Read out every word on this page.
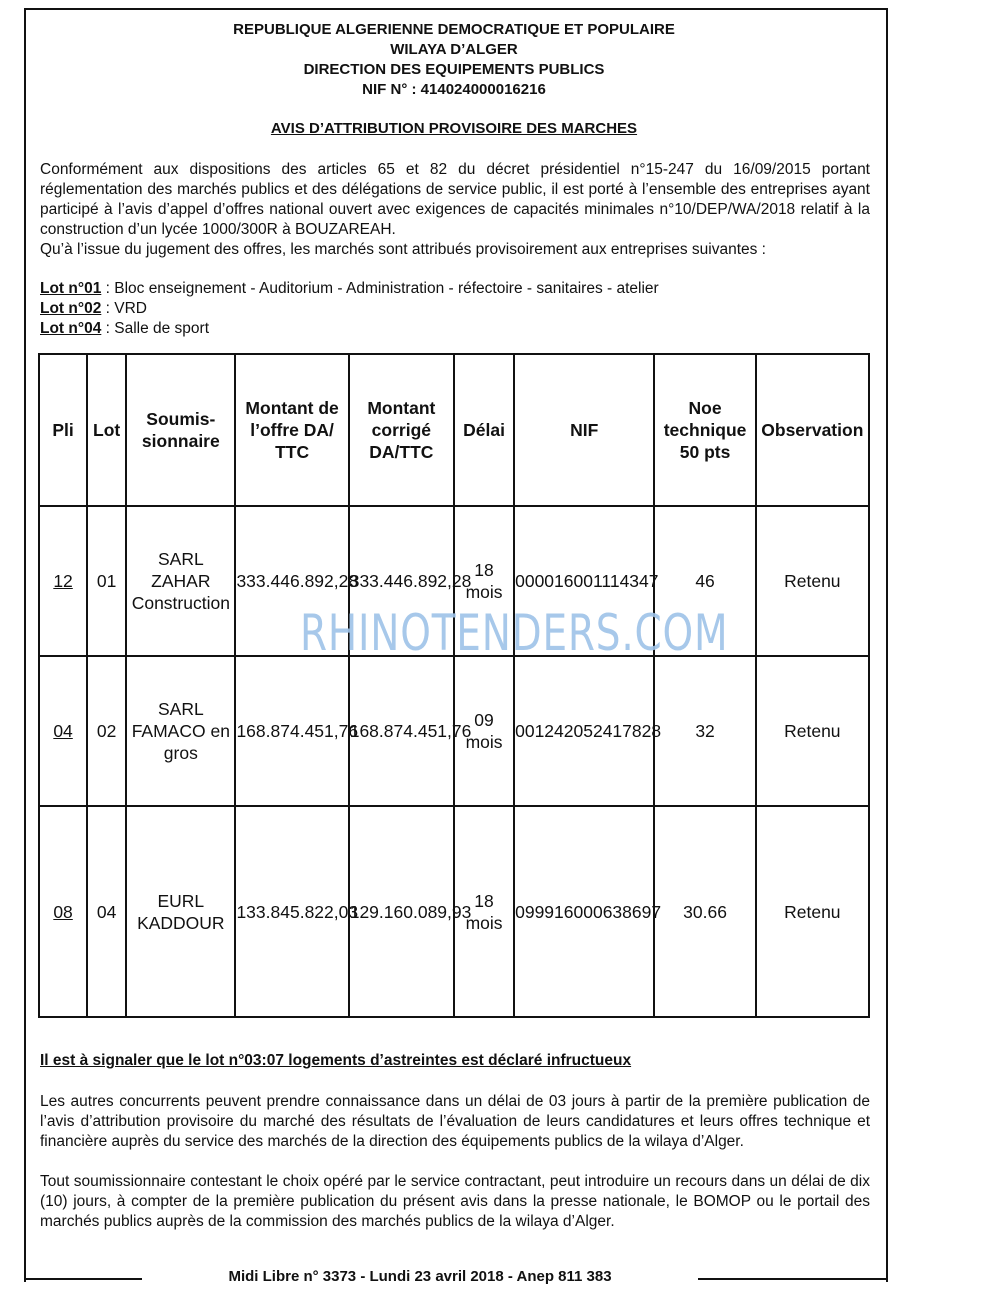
REPUBLIQUE ALGERIENNE DEMOCRATIQUE ET POPULAIRE
WILAYA D’ALGER
DIRECTION DES EQUIPEMENTS PUBLICS
NIF N° : 414024000016216
AVIS D’ATTRIBUTION PROVISOIRE DES MARCHES

Conformément aux dispositions des articles 65 et 82 du décret présidentiel n°15-247 du 16/09/2015 portant réglementation des marchés publics et des délégations de service public, il est porté à l’ensemble des entreprises ayant participé à l’avis d’appel d’offres national ouvert avec exigences de capacités minimales n°10/DEP/WA/2018 relatif à la construction d’un lycée 1000/300R à BOUZAREAH.

Qu’à l’issue du jugement des offres, les marchés sont attribués provisoirement aux entreprises suivantes :

Lot n°01 : Bloc enseignement - Auditorium - Administration - réfectoire - sanitaires - atelier

Lot n°02 : VRD

Lot n°04 : Salle de sport

Pli	Lot	Soumis-sionnaire	Montant de l’offre DA/ TTC	Montant corrigé DA/TTC	Délai	NIF	Noe technique 50 pts	Observation
12	01	SARL ZAHAR Construction	333.446.892,28	333.446.892,28	18 mois	000016001114347	46	Retenu
04	02	SARL FAMACO en gros	168.874.451,76	168.874.451,76	09 mois	001242052417828	32	Retenu
08	04	EURL KADDOUR	133.845.822,03	129.160.089,93	18 mois	099916000638697	30.66	Retenu
RHINOTENDERS.COM
Il est à signaler que le lot n°03:07 logements d’astreintes est déclaré infructueux

Les autres concurrents peuvent prendre connaissance dans un délai de 03 jours à partir de la première publication de l’avis d’attribution provisoire du marché des résultats de l’évaluation de leurs candidatures et leurs offres technique et financière auprès du service des marchés de la direction des équipements publics de la wilaya d’Alger.

Tout soumissionnaire contestant le choix opéré par le service contractant, peut introduire un recours dans un délai de dix (10) jours, à compter de la première publication du présent avis dans la presse nationale, le BOMOP ou le portail des marchés publics auprès de la commission des marchés publics de la wilaya d’Alger.

Midi Libre n° 3373 - Lundi 23 avril 2018 - Anep 811 383
